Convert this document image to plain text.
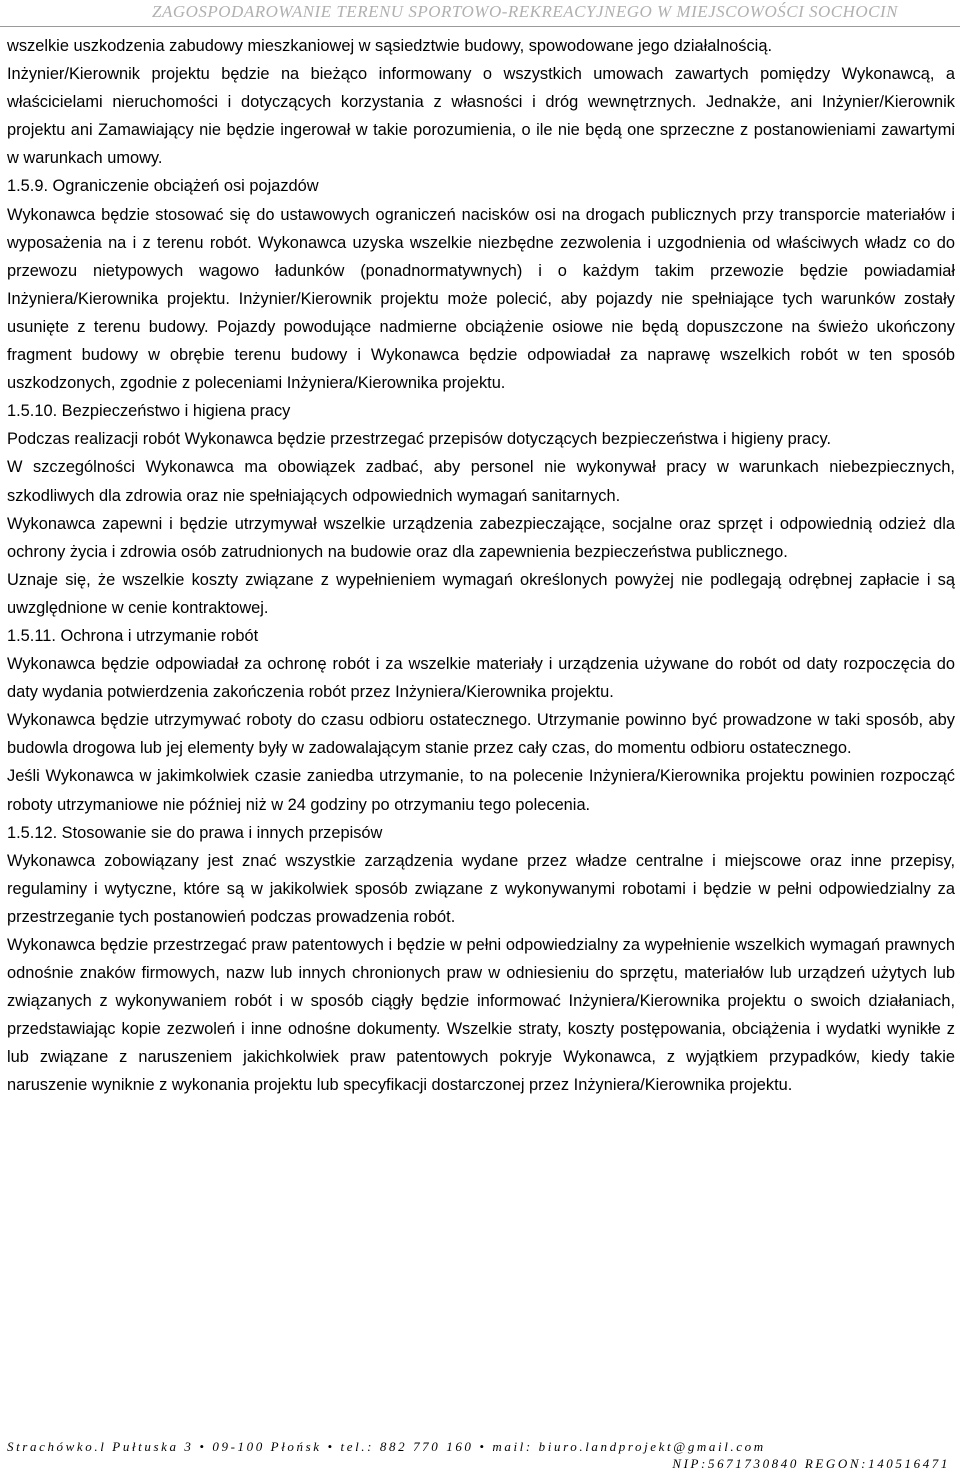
ZAGOSPODAROWANIE TERENU SPORTOWO-REKREACYJNEGO W MIEJSCOWOŚCI SOCHOCIN

wszelkie uszkodzenia zabudowy mieszkaniowej w sąsiedztwie budowy, spowodowane jego działalnością.

Inżynier/Kierownik projektu będzie na bieżąco informowany o wszystkich umowach zawartych pomiędzy Wykonawcą, a właścicielami nieruchomości i dotyczących korzystania z własności i dróg wewnętrznych. Jednakże, ani Inżynier/Kierownik projektu ani Zamawiający nie będzie ingerował w takie porozumienia, o ile nie będą one sprzeczne z postanowieniami zawartymi w warunkach umowy.

1.5.9. Ograniczenie obciążeń osi pojazdów

Wykonawca będzie stosować się do ustawowych ograniczeń nacisków osi na drogach publicznych przy transporcie materiałów i wyposażenia na i z terenu robót. Wykonawca uzyska wszelkie niezbędne zezwolenia i uzgodnienia od właściwych władz co do przewozu nietypowych wagowo ładunków (ponadnormatywnych) i o każdym takim przewozie będzie powiadamiał Inżyniera/Kierownika projektu. Inżynier/Kierownik projektu może polecić, aby pojazdy nie spełniające tych warunków zostały usunięte z terenu budowy. Pojazdy powodujące nadmierne obciążenie osiowe nie będą dopuszczone na świeżo ukończony fragment budowy w obrębie terenu budowy i Wykonawca będzie odpowiadał za naprawę wszelkich robót w ten sposób uszkodzonych, zgodnie z poleceniami Inżyniera/Kierownika projektu.

1.5.10. Bezpieczeństwo i higiena pracy

Podczas realizacji robót Wykonawca będzie przestrzegać przepisów dotyczących bezpieczeństwa i higieny pracy.

W szczególności Wykonawca ma obowiązek zadbać, aby personel nie wykonywał pracy w warunkach niebezpiecznych, szkodliwych dla zdrowia oraz nie spełniających odpowiednich wymagań sanitarnych.

Wykonawca zapewni i będzie utrzymywał wszelkie urządzenia zabezpieczające, socjalne oraz sprzęt i odpowiednią odzież dla ochrony życia i zdrowia osób zatrudnionych na budowie oraz dla zapewnienia bezpieczeństwa publicznego.

Uznaje się, że wszelkie koszty związane z wypełnieniem wymagań określonych powyżej nie podlegają odrębnej zapłacie i są uwzględnione w cenie kontraktowej.

1.5.11. Ochrona i utrzymanie robót

Wykonawca będzie odpowiadał za ochronę robót i za wszelkie materiały i urządzenia używane do robót od daty rozpoczęcia do daty wydania potwierdzenia zakończenia robót przez Inżyniera/Kierownika projektu.

Wykonawca będzie utrzymywać roboty do czasu odbioru ostatecznego. Utrzymanie powinno być prowadzone w taki sposób, aby budowla drogowa lub jej elementy były w zadowalającym stanie przez cały czas, do momentu odbioru ostatecznego.

Jeśli Wykonawca w jakimkolwiek czasie zaniedba utrzymanie, to na polecenie Inżyniera/Kierownika projektu powinien rozpocząć roboty utrzymaniowe nie później niż w 24 godziny po otrzymaniu tego polecenia.

1.5.12. Stosowanie sie do prawa i innych przepisów

Wykonawca zobowiązany jest znać wszystkie zarządzenia wydane przez władze centralne i miejscowe oraz inne przepisy, regulaminy i wytyczne, które są w jakikolwiek sposób związane z wykonywanymi robotami i będzie w pełni odpowiedzialny za przestrzeganie tych postanowień podczas prowadzenia robót.

Wykonawca będzie przestrzegać praw patentowych i będzie w pełni odpowiedzialny za wypełnienie wszelkich wymagań prawnych odnośnie znaków firmowych, nazw lub innych chronionych praw w odniesieniu do sprzętu, materiałów lub urządzeń użytych lub związanych z wykonywaniem robót i w sposób ciągły będzie informować Inżyniera/Kierownika projektu o swoich działaniach, przedstawiając kopie zezwoleń i inne odnośne dokumenty. Wszelkie straty, koszty postępowania, obciążenia i wydatki wynikłe z lub związane z naruszeniem jakichkolwiek praw patentowych pokryje Wykonawca, z wyjątkiem przypadków, kiedy takie naruszenie wyniknie z wykonania projektu lub specyfikacji dostarczonej przez Inżyniera/Kierownika projektu.

Strachówko.l Pułtuska 3 • 09-100 Płońsk • tel.: 882 770 160 • mail: biuro.landprojekt@gmail.com
NIP:5671730840 REGON:140516471
